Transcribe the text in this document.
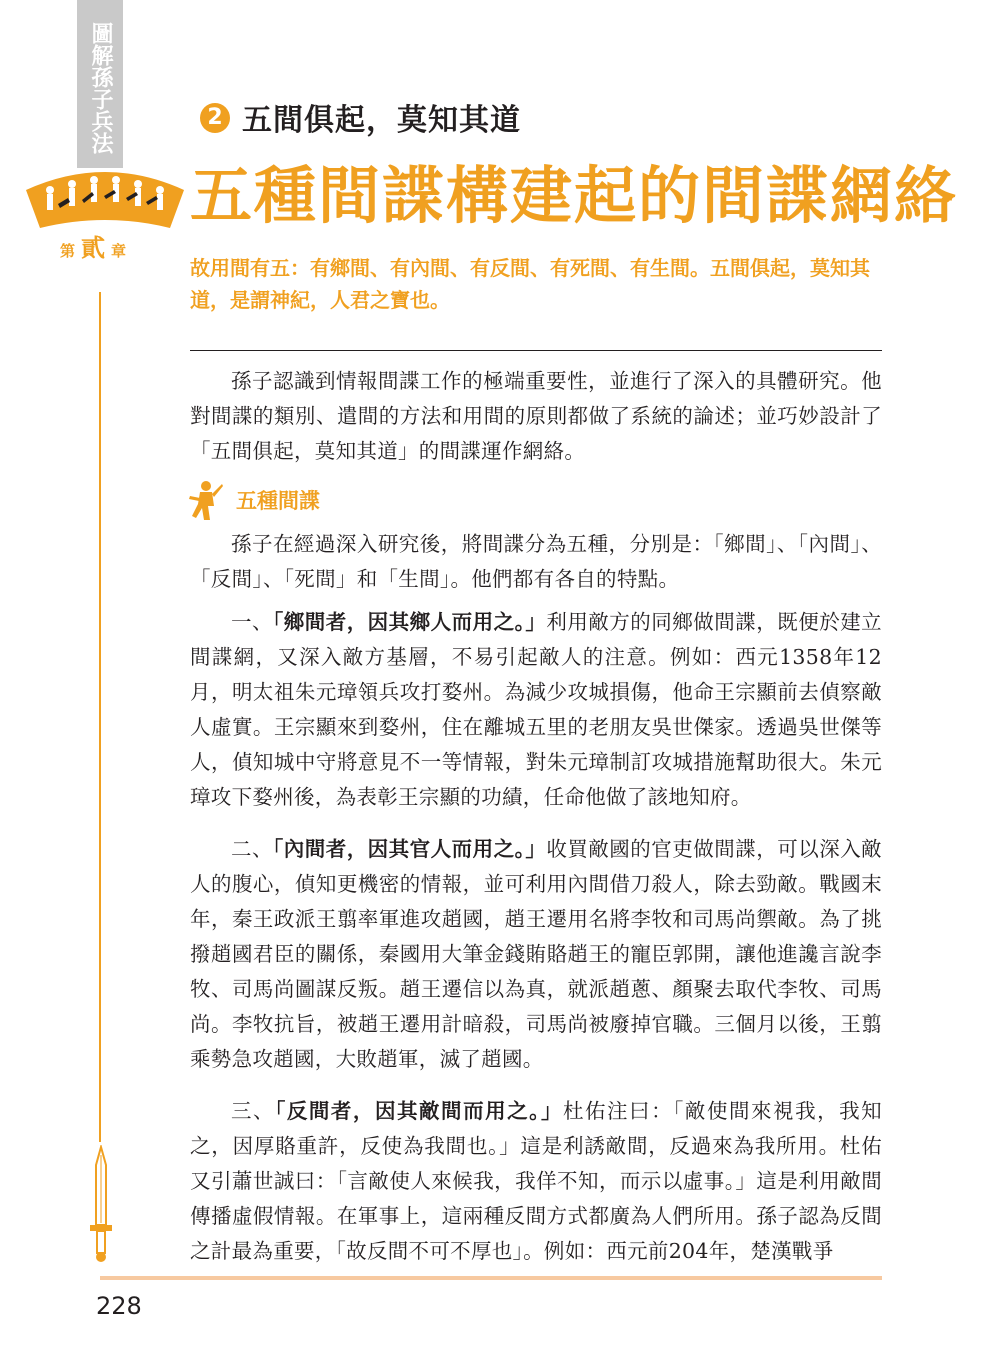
圖解孫子兵法
第 貳 章
2 五間俱起，莫知其道
五種間諜構建起的間諜網絡
故用間有五：有鄉間、有內間、有反間、有死間、有生間。五間俱起，莫知其道，是謂神紀，人君之寶也。
孫子認識到情報間諜工作的極端重要性，並進行了深入的具體研究。他對間諜的類別、遣間的方法和用間的原則都做了系統的論述；並巧妙設計了「五間俱起，莫知其道」的間諜運作網絡。
五種間諜
孫子在經過深入研究後，將間諜分為五種，分別是：「鄉間」、「內間」、「反間」、「死間」和「生間」。他們都有各自的特點。
一、「鄉間者，因其鄉人而用之。」利用敵方的同鄉做間諜，既便於建立間諜網，又深入敵方基層，不易引起敵人的注意。例如：西元1358年12月，明太祖朱元璋領兵攻打婺州。為減少攻城損傷，他命王宗顯前去偵察敵人虛實。王宗顯來到婺州，住在離城五里的老朋友吳世傑家。透過吳世傑等人，偵知城中守將意見不一等情報，對朱元璋制訂攻城措施幫助很大。朱元璋攻下婺州後，為表彰王宗顯的功績，任命他做了該地知府。
二、「內間者，因其官人而用之。」收買敵國的官吏做間諜，可以深入敵人的腹心，偵知更機密的情報，並可利用內間借刀殺人，除去勁敵。戰國末年，秦王政派王翦率軍進攻趙國，趙王遷用名將李牧和司馬尚禦敵。為了挑撥趙國君臣的關係，秦國用大筆金錢賄賂趙王的寵臣郭開，讓他進讒言說李牧、司馬尚圖謀反叛。趙王遷信以為真，就派趙蔥、顏聚去取代李牧、司馬尚。李牧抗旨，被趙王遷用計暗殺，司馬尚被廢掉官職。三個月以後，王翦乘勢急攻趙國，大敗趙軍，滅了趙國。
三、「反間者，因其敵間而用之。」杜佑注曰：「敵使間來視我，我知之，因厚賂重許，反使為我間也。」這是利誘敵間，反過來為我所用。杜佑又引蕭世誠曰：「言敵使人來候我，我佯不知，而示以虛事。」這是利用敵間傳播虛假情報。在軍事上，這兩種反間方式都廣為人們所用。孫子認為反間之計最為重要，「故反間不可不厚也」。例如：西元前204年，楚漢戰爭
228
